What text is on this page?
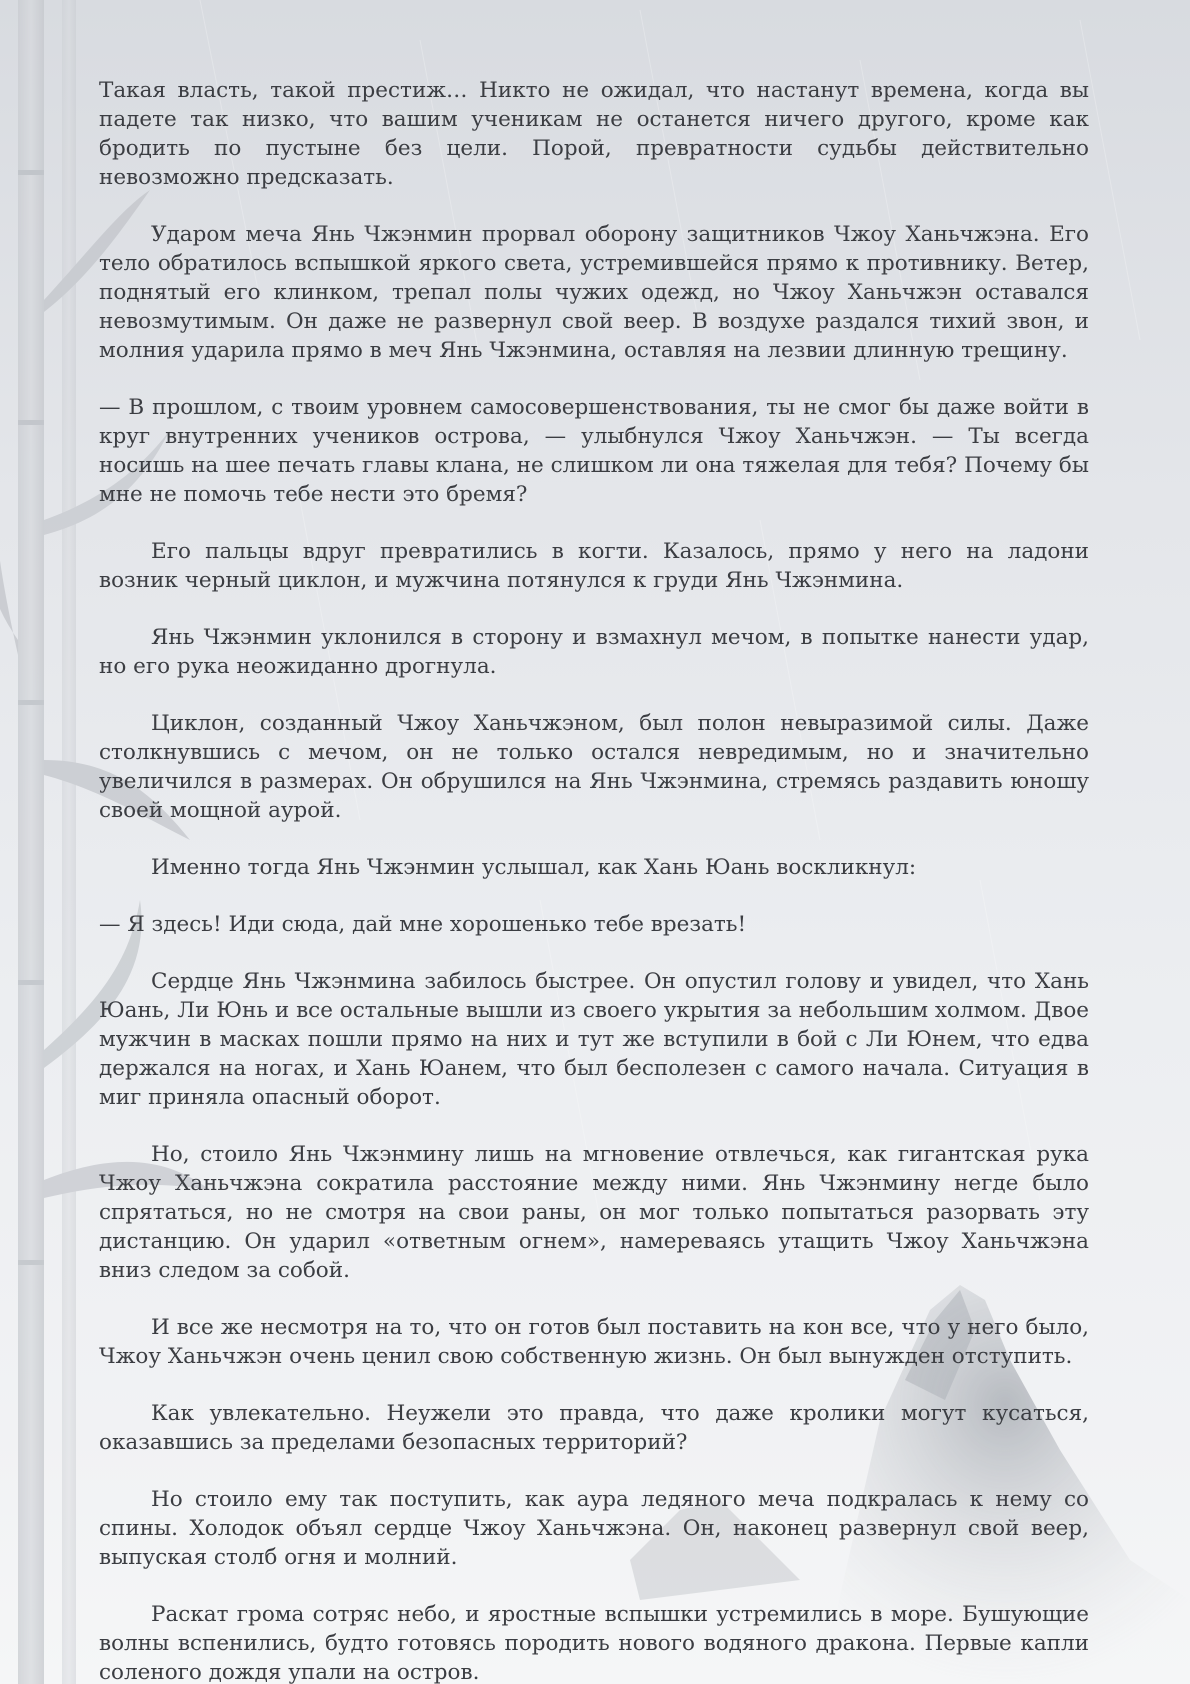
Такая власть, такой престиж… Никто не ожидал, что настанут времена, когда вы падете так низко, что вашим ученикам не останется ничего другого, кроме как бродить по пустыне без цели. Порой, превратности судьбы действительно невозможно предсказать.

Ударом меча Янь Чжэнмин прорвал оборону защитников Чжоу Ханьчжэна. Его тело обратилось вспышкой яркого света, устремившейся прямо к противнику. Ветер, поднятый его клинком, трепал полы чужих одежд, но Чжоу Ханьчжэн оставался невозмутимым. Он даже не развернул свой веер. В воздухе раздался тихий звон, и молния ударила прямо в меч Янь Чжэнмина, оставляя на лезвии длинную трещину.

— В прошлом, с твоим уровнем самосовершенствования, ты не смог бы даже войти в круг внутренних учеников острова, — улыбнулся Чжоу Ханьчжэн. — Ты всегда носишь на шее печать главы клана, не слишком ли она тяжелая для тебя? Почему бы мне не помочь тебе нести это бремя?

Его пальцы вдруг превратились в когти. Казалось, прямо у него на ладони возник черный циклон, и мужчина потянулся к груди Янь Чжэнмина.

Янь Чжэнмин уклонился в сторону и взмахнул мечом, в попытке нанести удар, но его рука неожиданно дрогнула.

Циклон, созданный Чжоу Ханьчжэном, был полон невыразимой силы. Даже столкнувшись с мечом, он не только остался невредимым, но и значительно увеличился в размерах. Он обрушился на Янь Чжэнмина, стремясь раздавить юношу своей мощной аурой.

Именно тогда Янь Чжэнмин услышал, как Хань Юань воскликнул:

— Я здесь! Иди сюда, дай мне хорошенько тебе врезать!

Сердце Янь Чжэнмина забилось быстрее. Он опустил голову и увидел, что Хань Юань, Ли Юнь и все остальные вышли из своего укрытия за небольшим холмом. Двое мужчин в масках пошли прямо на них и тут же вступили в бой с Ли Юнем, что едва держался на ногах, и Хань Юанем, что был бесполезен с самого начала. Ситуация в миг приняла опасный оборот.

Но, стоило Янь Чжэнмину лишь на мгновение отвлечься, как гигантская рука Чжоу Ханьчжэна сократила расстояние между ними. Янь Чжэнмину негде было спрятаться, но не смотря на свои раны, он мог только попытаться разорвать эту дистанцию. Он ударил «ответным огнем», намереваясь утащить Чжоу Ханьчжэна вниз следом за собой.

И все же несмотря на то, что он готов был поставить на кон все, что у него было, Чжоу Ханьчжэн очень ценил свою собственную жизнь. Он был вынужден отступить.

Как увлекательно. Неужели это правда, что даже кролики могут кусаться, оказавшись за пределами безопасных территорий?

Но стоило ему так поступить, как аура ледяного меча подкралась к нему со спины. Холодок объял сердце Чжоу Ханьчжэна. Он, наконец развернул свой веер, выпуская столб огня и молний.

Раскат грома сотряс небо, и яростные вспышки устремились в море. Бушующие волны вспенились, будто готовясь породить нового водяного дракона. Первые капли соленого дождя упали на остров.
